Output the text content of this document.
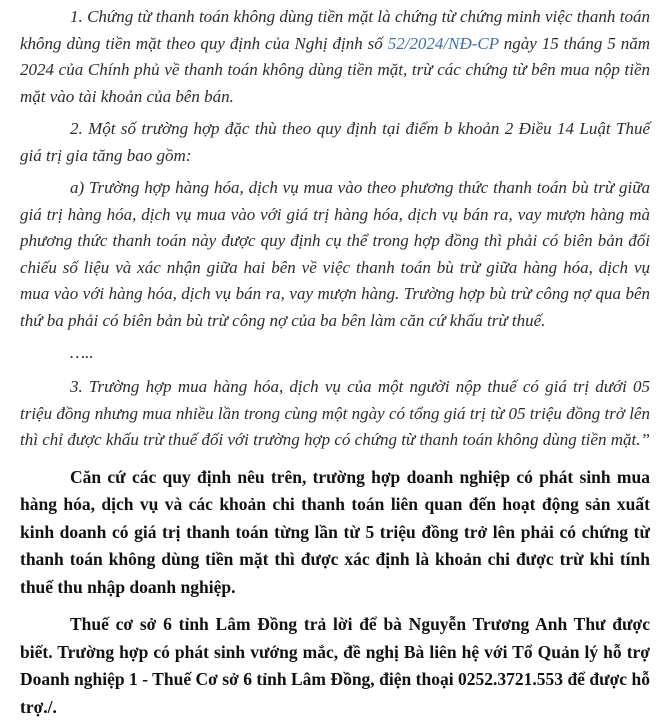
1. Chứng từ thanh toán không dùng tiền mặt là chứng từ chứng minh việc thanh toán không dùng tiền mặt theo quy định của Nghị định số 52/2024/NĐ-CP ngày 15 tháng 5 năm 2024 của Chính phủ về thanh toán không dùng tiền mặt, trừ các chứng từ bên mua nộp tiền mặt vào tài khoản của bên bán.

2. Một số trường hợp đặc thù theo quy định tại điểm b khoản 2 Điều 14 Luật Thuế giá trị gia tăng bao gồm:

a) Trường hợp hàng hóa, dịch vụ mua vào theo phương thức thanh toán bù trừ giữa giá trị hàng hóa, dịch vụ mua vào với giá trị hàng hóa, dịch vụ bán ra, vay mượn hàng mà phương thức thanh toán này được quy định cụ thể trong hợp đồng thì phải có biên bản đối chiếu số liệu và xác nhận giữa hai bên về việc thanh toán bù trừ giữa hàng hóa, dịch vụ mua vào với hàng hóa, dịch vụ bán ra, vay mượn hàng. Trường hợp bù trừ công nợ qua bên thứ ba phải có biên bản bù trừ công nợ của ba bên làm căn cứ khấu trừ thuế.

…..

3. Trường hợp mua hàng hóa, dịch vụ của một người nộp thuế có giá trị dưới 05 triệu đồng nhưng mua nhiều lần trong cùng một ngày có tổng giá trị từ 05 triệu đồng trở lên thì chỉ được khấu trừ thuế đối với trường hợp có chứng từ thanh toán không dùng tiền mặt.”

Căn cứ các quy định nêu trên, trường hợp doanh nghiệp có phát sinh mua hàng hóa, dịch vụ và các khoản chi thanh toán liên quan đến hoạt động sản xuất kinh doanh có giá trị thanh toán từng lần từ 5 triệu đồng trở lên phải có chứng từ thanh toán không dùng tiền mặt thì được xác định là khoản chi được trừ khi tính thuế thu nhập doanh nghiệp.

Thuế cơ sở 6 tỉnh Lâm Đồng trả lời để bà Nguyễn Trương Anh Thư được biết. Trường hợp có phát sinh vướng mắc, đề nghị Bà liên hệ với Tổ Quản lý hỗ trợ Doanh nghiệp 1 - Thuế Cơ sở 6 tỉnh Lâm Đồng, điện thoại 0252.3721.553 để được hỗ trợ./.
